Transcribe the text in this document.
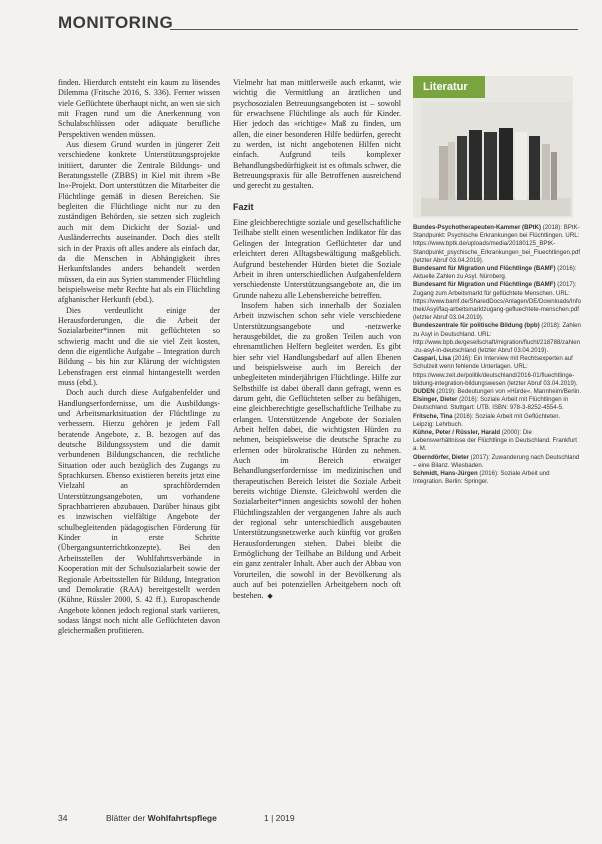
MONITORING

finden. Hierdurch entsteht ein kaum zu lösendes Dilemma (Fritsche 2016, S. 336). Ferner wissen viele Geflüchtete überhaupt nicht, an wen sie sich mit Fragen rund um die Anerkennung von Schulabschlüssen oder adäquate berufliche Perspektiven wenden müssen.

Aus diesem Grund wurden in jüngerer Zeit verschiedene konkrete Unterstützungsprojekte initiiert, darunter die Zentrale Bildungs- und Beratungsstelle (ZBBS) in Kiel mit ihrem »Be In«-Projekt. Dort unterstützen die Mitarbeiter die Flüchtlinge gemäß in diesen Bereichen. Sie begleiten die Flüchtlinge nicht nur zu den zuständigen Behörden, sie setzen sich zugleich auch mit dem Dickicht der Sozial- und Ausländerrechts auseinander. Doch dies stellt sich in der Praxis oft alles andere als einfach dar, da die Menschen in Abhängigkeit ihres Herkunftslandes anders behandelt werden müssen, da ein aus Syrien stammender Flüchtling beispielsweise mehr Rechte hat als ein Flüchtling afghanischer Herkunft (ebd.).

Dies verdeutlicht einige der Herausforderungen, die die Arbeit der Sozialarbeiter*innen mit geflüchteten so schwierig macht und die sie viel Zeit kosten, denn die eigentliche Aufgabe – Integration durch Bildung – bis hin zur Klärung der wichtigsten Lebensfragen erst einmal hintangestellt werden muss (ebd.).

Doch auch durch diese Aufgabenfelder und Handlungserfordernisse, um die Ausbildungs- und Arbeitsmarktsituation der Flüchtlinge zu verbessern. Hierzu gehören je jedem Fall beratende Angebote, z. B. bezogen auf das deutsche Bildungssystem und die damit verbundenen Bildungschancen, die rechtliche Situation oder auch bezüglich des Zugangs zu Sprachkursen. Ebenso existieren bereits jetzt eine Vielzahl an sprachfördernden Unterstützungsangeboten, um vorhandene Sprachbarrieren abzubauen. Darüber hinaus gibt es inzwischen vielfältige Angebote der schulbegleitenden pädagogischen Förderung für Kinder in erste Schritte (Übergangsunterrichtkonzepte). Bei den Arbeitsstellen der Wohlfahrtsverbände in Kooperation mit der Schulsozialarbeit sowie der Regionale Arbeitsstellen für Bildung, Integration und Demokratie (RAA) bereitgestellt werden (Kühne, Rüssler 2000, S. 42 ff.). Europaschende Angebote können jedoch regional stark variieren, sodass längst noch nicht alle Geflüchteten davon gleichermaßen profitieren.

Vielmehr hat man mittlerweile auch erkannt, wie wichtig die Vermittlung an ärztlichen und psychosozialen Betreuungsangeboten ist – sowohl für erwachsene Flüchtlinge als auch für Kinder. Hier jedoch das »richtige« Maß zu finden, um allen, die einer besonderen Hilfe bedürfen, gerecht zu werden, ist nicht angebotenen Hilfen nicht einfach. Aufgrund teils komplexer Behandlungsbedürftigkeit ist es oftmals schwer, die Betreuungspraxis für alle Betroffenen ausreichend und gerecht zu gestalten.

Fazit

Eine gleichberechtigte soziale und gesellschaftliche Teilhabe stellt einen wesentlichen Indikator für das Gelingen der Integration Geflüchteter dar und erleichtert deren Alltagsbewältigung maßgeblich. Aufgrund bestehender Hürden bietet die Soziale Arbeit in ihren unterschiedlichen Aufgabenfeldern verschiedenste Unterstützungsangebote an, die im Grunde nahezu alle Lebensbereiche betreffen.

Insofern haben sich innerhalb der Sozialen Arbeit inzwischen schon sehr viele verschiedene Unterstützungsangebote und -netzwerke herausgebildet, die zu großen Teilen auch von ehrenamtlichen Helfern begleitet werden. Es gibt hier sehr viel Handlungsbedarf auf allen Ebenen und beispielsweise auch im Bereich der unbegleiteten minderjährigen Flüchtlinge. Hilfe zur Selbsthilfe ist dabei überall dann gefragt, wenn es darum geht, die Geflüchteten selber zu befähigen, eine gleichberechtigte gesellschaftliche Teilhabe zu erlangen. Unterstützende Angebote der Sozialen Arbeit helfen dabei, die wichtigsten Hürden zu nehmen, beispielsweise die deutsche Sprache zu erlernen oder bürokratische Hürden zu nehmen. Auch im Bereich etwaiger Behandlungserfordernisse im medizinischen und therapeutischen Bereich leistet die Soziale Arbeit bereits wichtige Dienste. Gleichwohl werden die Sozialarbeiter*innen angesichts sowohl der hohen Flüchtlingszahlen der vergangenen Jahre als auch der regional sehr unterschiedlich ausgebauten Unterstützungsnetzwerke auch künftig vor großen Herausforderungen stehen. Dabei bleibt die Ermöglichung der Teilhabe an Bildung und Arbeit ein ganz zentraler Inhalt. Aber auch der Abbau von Vorurteilen, die sowohl in der Bevölkerung als auch auf bei potenziellen Arbeitgebern noch oft bestehen. ◆

Literatur

Bundes-Psychotherapeuten-Kammer (BPtK) (2018): BPtK-Standpunkt: Psychische Erkrankungen bei Flüchtlingen. URL: https://www.bptk.de/uploads/media/20180125_BPtK-Standpunkt_psychische_Erkrankungen_bei_Fluechtlingen.pdf (letzter Abruf 03.04.2019).

Bundesamt für Migration und Flüchtlinge (BAMF) (2016): Aktuelle Zahlen zu Asyl. Nürnberg.

Bundesamt für Migration und Flüchtlinge (BAMF) (2017): Zugang zum Arbeitsmarkt für geflüchtete Menschen. URL: https://www.bamf.de/SharedDocs/Anlagen/DE/Downloads/Infothek/Asyl/faq-arbeitsmarktzugang-gefluechtete-menschen.pdf (letzter Abruf 03.04.2019).

Bundeszentrale für politische Bildung (bpb) (2018): Zahlen zu Asyl in Deutschland. URL: http://www.bpb.de/gesellschaft/migration/flucht/218788/zahlen-zu-asyl-in-deutschland (letzter Abruf 03.04.2019).

Caspari, Lisa (2016): Ein Interview mit Rechtsexperten auf Schulzeit wenn fehlende Unterlagen. URL: https://www.zeit.de/politik/deutschland/2016-01/fluechtlinge-bildung-integration-bildungswesen (letzter Abruf 03.04.2019).

DUDEN (2019): Bedeutungen von »Hürde«. Mannheim/Berlin.

Elsinger, Dieter (2016): Soziale Arbeit mit Flüchtlingen in Deutschland. Stuttgart: UTB. ISBN: 978-3-8252-4554-5.

Fritsche, Tina (2016): Soziale Arbeit mit Geflüchteten. Leipzig: Lehrbuch.

Kühne, Peter / Rüssler, Harald (2000): Die Lebensverhältnisse der Flüchtlinge in Deutschland. Frankfurt a. M.

Oberndörfer, Dieter (2017): Zuwanderung nach Deutschland – eine Bilanz. Wiesbaden.

Schmidt, Hans-Jürgen (2016): Soziale Arbeit und Integration. Berlin: Springer.

34	Blätter der Wohlfahrtspflege	1 | 2019
